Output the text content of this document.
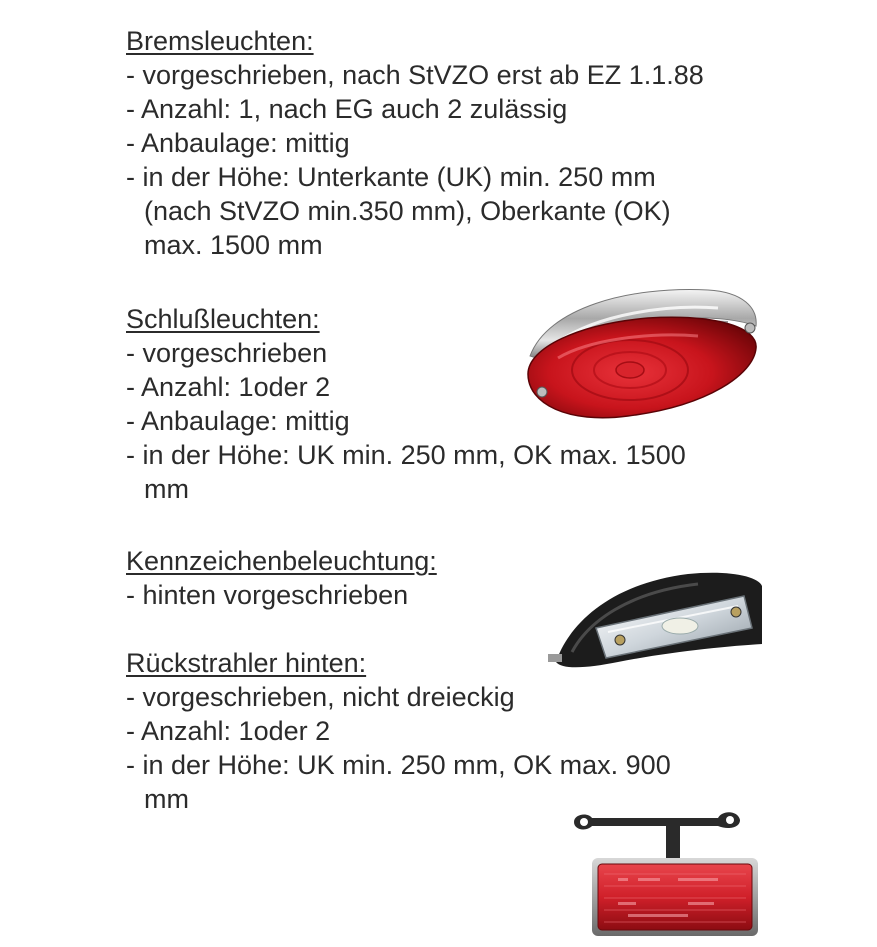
Bremsleuchten:
- vorgeschrieben, nach StVZO erst ab EZ 1.1.88
- Anzahl: 1, nach EG auch 2 zulässig
- Anbaulage: mittig
- in der Höhe: Unterkante (UK) min. 250 mm
(nach StVZO min.350 mm), Oberkante (OK)
max. 1500 mm
Schlußleuchten:
- vorgeschrieben
- Anzahl: 1oder 2
- Anbaulage: mittig
- in der Höhe: UK min. 250 mm, OK max. 1500
mm
Kennzeichenbeleuchtung:
- hinten vorgeschrieben
Rückstrahler hinten:
- vorgeschrieben, nicht dreieckig
- Anzahl: 1oder 2
- in der Höhe: UK min. 250 mm, OK max. 900
mm
